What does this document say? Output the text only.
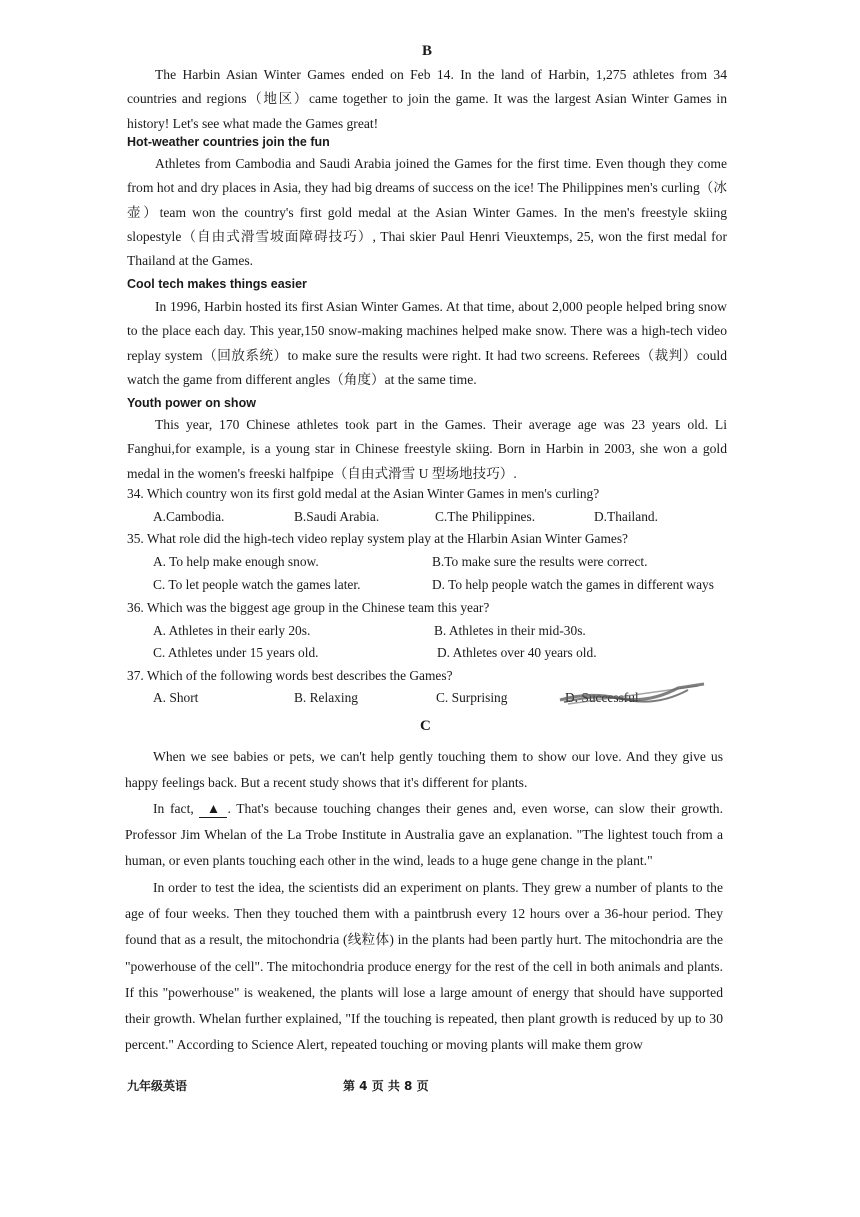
B

The Harbin Asian Winter Games ended on Feb 14. In the land of Harbin, 1,275 athletes from 34 countries and regions（地区）came together to join the game. It was the largest Asian Winter Games in history! Let's see what made the Games great!

Hot-weather countries join the fun

Athletes from Cambodia and Saudi Arabia joined the Games for the first time. Even though they come from hot and dry places in Asia, they had big dreams of success on the ice! The Philippines men's curling（冰壶）team won the country's first gold medal at the Asian Winter Games. In the men's freestyle skiing slopestyle（自由式滑雪坡面障碍技巧）, Thai skier Paul Henri Vieuxtemps, 25, won the first medal for Thailand at the Games.

Cool tech makes things easier

In 1996, Harbin hosted its first Asian Winter Games. At that time, about 2,000 people helped bring snow to the place each day. This year,150 snow-making machines helped make snow. There was a high-tech video replay system（回放系统）to make sure the results were right. It had two screens. Referees（裁判）could watch the game from different angles（角度）at the same time.

Youth power on show

This year, 170 Chinese athletes took part in the Games. Their average age was 23 years old. Li Fanghui,for example, is a young star in Chinese freestyle skiing. Born in Harbin in 2003, she won a gold medal in the women's freeski halfpipe（自由式滑雪 U 型场地技巧）.

34. Which country won its first gold medal at the Asian Winter Games in men's curling?
A.Cambodia.	B.Saudi Arabia.	C.The Philippines.	D.Thailand.
35. What role did the high-tech video replay system play at the Hlarbin Asian Winter Games?
A. To help make enough snow.	B.To make sure the results were correct.
C. To let people watch the games later.	D. To help people watch the games in different ways
36. Which was the biggest age group in the Chinese team this year?
A. Athletes in their early 20s.	B. Athletes in their mid-30s.
C. Athletes under 15 years old.	D. Athletes over 40 years old.
37. Which of the following words best describes the Games?
A. Short	B. Relaxing	C. Surprising	D. Successful
C

When we see babies or pets, we can't help gently touching them to show our love. And they give us happy feelings back. But a recent study shows that it's different for plants.

In fact, ▲ . That's because touching changes their genes and, even worse, can slow their growth. Professor Jim Whelan of the La Trobe Institute in Australia gave an explanation. "The lightest touch from a human, or even plants touching each other in the wind, leads to a huge gene change in the plant."

In order to test the idea, the scientists did an experiment on plants. They grew a number of plants to the age of four weeks. Then they touched them with a paintbrush every 12 hours over a 36-hour period. They found that as a result, the mitochondria (线粒体) in the plants had been partly hurt. The mitochondria are the "powerhouse of the cell". The mitochondria produce energy for the rest of the cell in both animals and plants. If this "powerhouse" is weakened, the plants will lose a large amount of energy that should have supported their growth. Whelan further explained, "If the touching is repeated, then plant growth is reduced by up to 30 percent." According to Science Alert, repeated touching or moving plants will make them grow

九年级英语	第 4 页 共 8 页
